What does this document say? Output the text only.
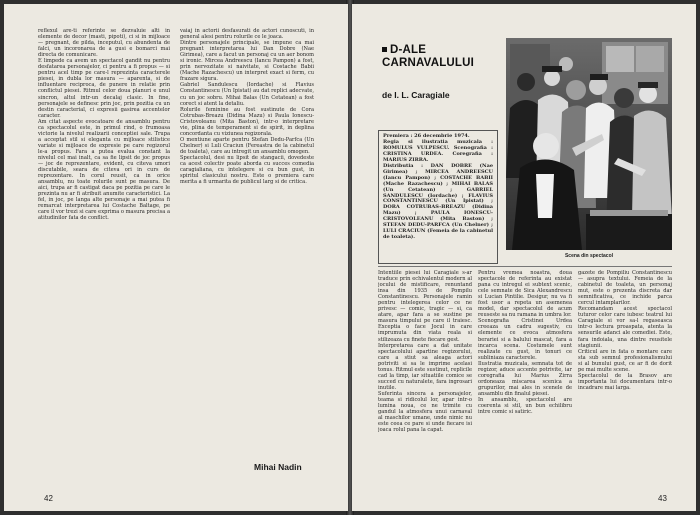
reflexul are-ti referinte se dezvaluie alti in elemente de decor (masti, pipoti), ci si in mijloace — pregnant, de pilda, inceputul, cu abundenta de falci, un incoronarea de a gusi e bomarci mai directa de comunicare.
E limpede ca avem un spectacol gandit nu pentru desfatarea personajelor, ci pentru a fi propus — si pentru acel timp pe care-l reprezinta caracterele piesei, in dubla lor masura — aparenta, si de influentare reciproca, de punere in relatie prin conflictul piesei. Ritmul celor doua planuri e unul sincron, altul intr-un decalaj clasic. In fine, personajele se definesc prin joc, prin pozitia cu un destin caracterial, ci expresii gasirea accentelor caracter.
Am citat aspecte evocatoare de ansamblu pentru ca spectacolul este, in primul rind, o frumoasa victorie la nivelul realizarii conceptiei sale. Trupa a acceptat stil si eleganta cu mijloace stilistice variate si mijloace de expresie pe care regizorul le-a propus. Fara a putea evalua constant la nivelul cel mai inalt, ca sa fie lipsit de joc propus — joc de reprezentare, evident, cu citeva umori discutabile, seara de citeva ori in curs de reprezentare. In corul reusit, ca in orice ansamblu, nu toate rolurile sunt pe masura. De aici, trupa ar fi castigat daca pe pozitia pe care le prezinta nu ar fi atribuit anumite caracteristici. La fel, in joc, pe langa alte personaje a mai putea fi remarcat interpretarea lui Costache Baltage, pe care il vor trezi si care exprima o masura precisa a atitudinilor fata de conflict.
vaiaj in actorii desfasurati de actori cunoscuti, in general alesi pentru rolurile ce le joaca.
Dintre personajele principale, se impune ca mai pregnant interpretarea lui Dan Dobre (Nae Girimea), care a facut un personaj cu un aer bonom si ironic. Mircea Andreescu (Iancu Pampon) a fost, prin nervozitate si naivitate, si Costache Babii (Mache Razachescu) un interpret exact si ferm, cu frazare sigura.
Gabriel Sandulescu (Iordache) si Flavius Constantinescu (Un Ipistat) au dat replici adecvate, cu un joc sobru. Mihai Balas (Un Cetatean) a fost corect si atent la detaliu.
Rolurile feminine au fost sustinute de Cora Cotrubas-Breazu (Didina Mazu) si Paula Ionescu-Cristovoleanu (Mita Baston), intr-o interpretare vie, plina de temperament si de spirit, in deplina concordanta cu viziunea regizorala.
O mentiune aparte pentru Stefan Dedu-Parfca (Un Chelner) si Luli Craciun (Fereastra de la cabinetul de toaleta), care au intregit un ansamblu omogen.
Spectacolul, desi nu lipsit de stangacii, dovedeste ca acest colectiv poate aborda cu succes comedia caragialiana, cu intelegere si cu bun gust, in spiritul clasicului nostru. Este o premiera care merita a fi urmarita de publicul larg si de critica.
Mihai Nadin
42
D-ALE
CARNAVALULUI
de I. L. Caragiale
Premiera : 26 decembrie 1974.
Regia si ilustratia muzicala : ROMULUS VULPESCU. Scenografia : CRISTINA URDEA. Coregrafia : MARIUS ZIRRA.
Distributia : DAN DOBRE (Nae Girimea) ; MIRCEA ANDREESCU (Iancu Pampon) ; COSTACHE BABII (Mache Razachescu) ; MIHAI BALAS (Un Cetatean) ; GABRIEL SANDULESCU (Iordache) ; FLAVIUS CONSTANTINESCU (Un Ipistat) ; DORA COTRUBAS-BREAZU (Didina Mazu) ; PAULA IONESCU-CRISTOVOLEANU (Mita Baston) ; STEFAN DEDU-PARFCA (Un Chelner) ; LULI CRACIUN (Femeia de la cabinetul de toaleta).
Scena din spectacol
Intentiile piesei lui Caragiale s-ar traduce prin echivalentul modern al jocului de mistificare, renuntand insa din 1935 de Pompilu Constantinescu. Personajele ramin pentru intelegerea celor ce ne privesc — comic, tragic — si, ca atare, apar fara a se sustine pe masura timpului pe care il traiesc. Exceptia o face Jocul in care imprumuta din viata reala si stilizeaza cu finete fiecare gest.
Interpretarea care a dat unitate spectacolului apartine regizorului, care a stiut sa aleaga actori potriviti si sa le imprime acelasi tonus. Ritmul este sustinut, replicile cad la timp, iar situatiile comice se succed cu naturalete, fara ingrosari inutile.
Suferinta sincera a personajelor, teama si ridicolul lor, apar intr-o lumina noua, ce ne trimite cu gandul la atmosfera unui carnaval al maschilor umane, unde nimic nu este ceea ce pare si unde fiecare isi joaca rolul pana la capat.
Pentru vremea noastra, doua spectacole de referinta au existat pana cu intregul ei subtext scenic, cele semnate de Sica Alexandrescu si Lucian Pintilie. Desigur, nu va fi fost usor a repeta un asemenea model, dar spectacolul de acum reuseste sa nu ramana in umbra lor.
Scenografia Cristinei Urdea creeaza un cadru sugestiv, cu elemente ce evoca atmosfera berariei si a balului mascat, fara a incarca scena. Costumele sunt realizate cu gust, in tonuri ce subliniaza caracterele.
Ilustratia muzicala, semnata tot de regizor, aduce accente potrivite, iar coregrafia lui Marius Zirra ordoneaza miscarea scenica a grupurilor, mai ales in scenele de ansamblu din finalul piesei.
In ansamblu, spectacolul are coerenta si stil, un bun echilibru intre comic si satiric.
gazete de Pompiliu Constantinescu — asupra textului. Femeia de la cabinetul de toaleta, un personaj mut, este o prezenta discreta dar semnificativa, ce inchide parca cercul intamplarilor.
Recomandam acest spectacol tuturor celor care iubesc teatrul lui Caragiale si vor sa-l regaseasca intr-o lectura proaspata, atenta la sensurile adanci ale comediei. Este, fara indoiala, una dintre reusitele stagiunii.
Criticul are in fata o montare care sta sub semnul profesionalismului si al bunului gust, ce ar fi de dorit pe mai multe scene.
Spectacolul de la Brasov are importanta lui documentara intr-o incadrare mai larga.
43
